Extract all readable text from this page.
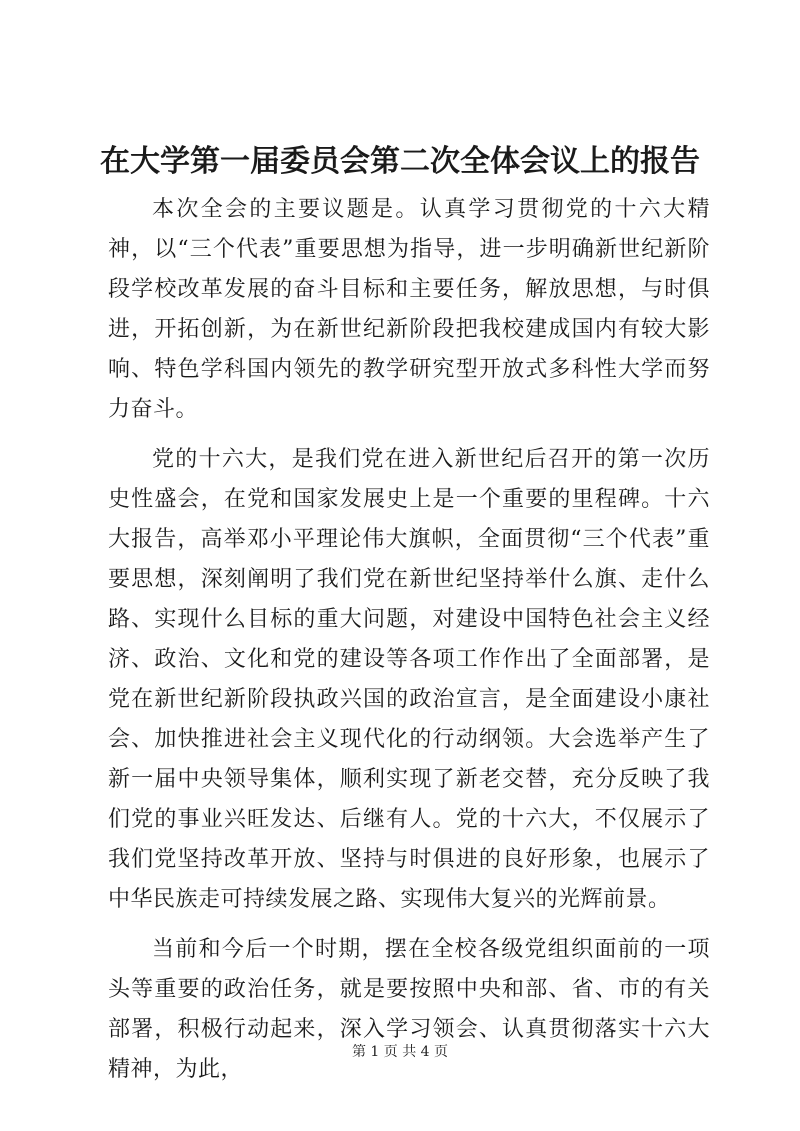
在大学第一届委员会第二次全体会议上的报告

本次全会的主要议题是。认真学习贯彻党的十六大精神，以“三个代表”重要思想为指导，进一步明确新世纪新阶段学校改革发展的奋斗目标和主要任务，解放思想，与时俱进，开拓创新，为在新世纪新阶段把我校建成国内有较大影响、特色学科国内领先的教学研究型开放式多科性大学而努力奋斗。

党的十六大，是我们党在进入新世纪后召开的第一次历史性盛会，在党和国家发展史上是一个重要的里程碑。十六大报告，高举邓小平理论伟大旗帜，全面贯彻“三个代表”重要思想，深刻阐明了我们党在新世纪坚持举什么旗、走什么路、实现什么目标的重大问题，对建设中国特色社会主义经济、政治、文化和党的建设等各项工作作出了全面部署，是党在新世纪新阶段执政兴国的政治宣言，是全面建设小康社会、加快推进社会主义现代化的行动纲领。大会选举产生了新一届中央领导集体，顺利实现了新老交替，充分反映了我们党的事业兴旺发达、后继有人。党的十六大，不仅展示了我们党坚持改革开放、坚持与时俱进的良好形象，也展示了中华民族走可持续发展之路、实现伟大复兴的光辉前景。

当前和今后一个时期，摆在全校各级党组织面前的一项头等重要的政治任务，就是要按照中央和部、省、市的有关部署，积极行动起来，深入学习领会、认真贯彻落实十六大精神，为此，

第 1 页 共 4 页
